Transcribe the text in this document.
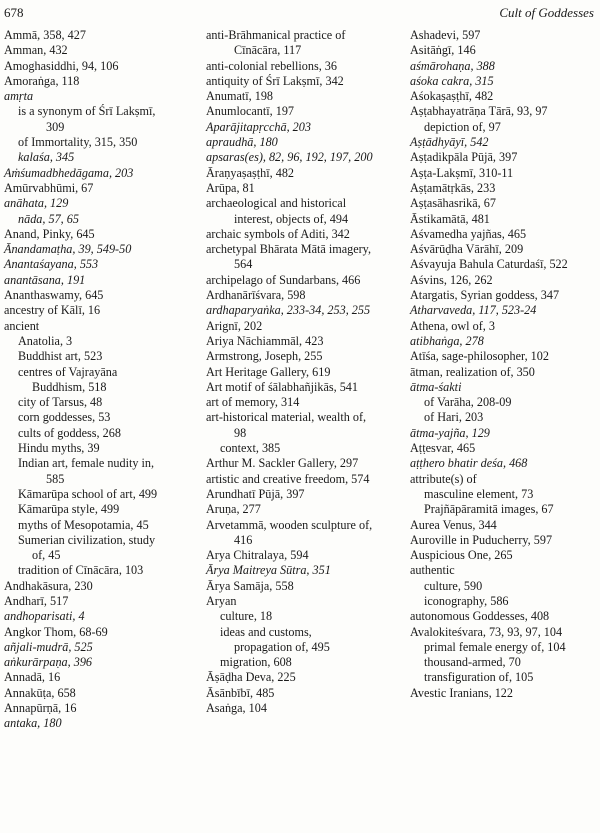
678	Cult of Goddesses
Ammā, 358, 427
Amman, 432
Amoghasiddhi, 94, 106
Amoraṅga, 118
amṛta
is a synonym of Śrī Lakṣmī,
309
of Immortality, 315, 350
kalaśa, 345
Aṁśumadbhedāgama, 203
Amūrvabhūmi, 67
anāhata, 129
nāda, 57, 65
Anand, Pinky, 645
Ānandamaṭha, 39, 549-50
Anantaśayana, 553
anantāsana, 191
Ananthaswamy, 645
ancestry of Kālī, 16
ancient
Anatolia, 3
Buddhist art, 523
centres of Vajrayāna
Buddhism, 518
city of Tarsus, 48
corn goddesses, 53
cults of goddess, 268
Hindu myths, 39
Indian art, female nudity in,
585
Kāmarūpa school of art, 499
Kāmarūpa style, 499
myths of Mesopotamia, 45
Sumerian civilization, study
of, 45
tradition of Cīnācāra, 103
Andhakāsura, 230
Andharī, 517
andhoparisati, 4
Angkor Thom, 68-69
añjali-mudrā, 525
aṅkurārpaṇa, 396
Annadā, 16
Annakūṭa, 658
Annapūrṇā, 16
antaka, 180
anti-Brāhmanical practice of
Cīnācāra, 117
anti-colonial rebellions, 36
antiquity of Śrī Lakṣmī, 342
Anumatī, 198
Anumlocantī, 197
Aparājitapṛcchā, 203
apraudhā, 180
apsaras(es), 82, 96, 192, 197, 200
Āraṇyaṣaṣṭhī, 482
Arūpa, 81
archaeological and historical
interest, objects of, 494
archaic symbols of Aditi, 342
archetypal Bhārata Mātā imagery,
564
archipelago of Sundarbans, 466
Ardhanārīśvara, 598
ardhaparyaṅka, 233-34, 253, 255
Arignī, 202
Ariya Nāchiammāl, 423
Armstrong, Joseph, 255
Art Heritage Gallery, 619
Art motif of śālabhañjikās, 541
art of memory, 314
art-historical material, wealth of,
98
context, 385
Arthur M. Sackler Gallery, 297
artistic and creative freedom, 574
Arundhatī Pūjā, 397
Aruṇa, 277
Arvetammā, wooden sculpture of,
416
Arya Chitralaya, 594
Ārya Maitreya Sūtra, 351
Ārya Samāja, 558
Aryan
culture, 18
ideas and customs,
propagation of, 495
migration, 608
Āṣāḍha Deva, 225
Āsānbībī, 485
Asaṅga, 104
Ashadevi, 597
Asitāṅgī, 146
aśmārohaṇa, 388
aśoka cakra, 315
Aśokaṣaṣṭhī, 482
Aṣṭabhayatrāṇa Tārā, 93, 97
depiction of, 97
Aṣṭādhyāyī, 542
Aṣṭadikpāla Pūjā, 397
Aṣṭa-Lakṣmī, 310-11
Aṣṭamātṛkās, 233
Aṣṭasāhasrikā, 67
Āstikamātā, 481
Aśvamedha yajñas, 465
Aśvārūḍha Vārāhī, 209
Aśvayuja Bahula Caturdaśī, 522
Aśvins, 126, 262
Atargatis, Syrian goddess, 347
Atharvaveda, 117, 523-24
Athena, owl of, 3
atibhaṅga, 278
Atīśa, sage-philosopher, 102
ātman, realization of, 350
ātma-śakti
of Varāha, 208-09
of Hari, 203
ātma-yajña, 129
Aṭṭesvar, 465
aṭṭhero bhatir deśa, 468
attribute(s) of
masculine element, 73
Prajñāpāramitā images, 67
Aurea Venus, 344
Auroville in Puducherry, 597
Auspicious One, 265
authentic
culture, 590
iconography, 586
autonomous Goddesses, 408
Avalokiteśvara, 73, 93, 97, 104
primal female energy of, 104
thousand-armed, 70
transfiguration of, 105
Avestic Iranians, 122
